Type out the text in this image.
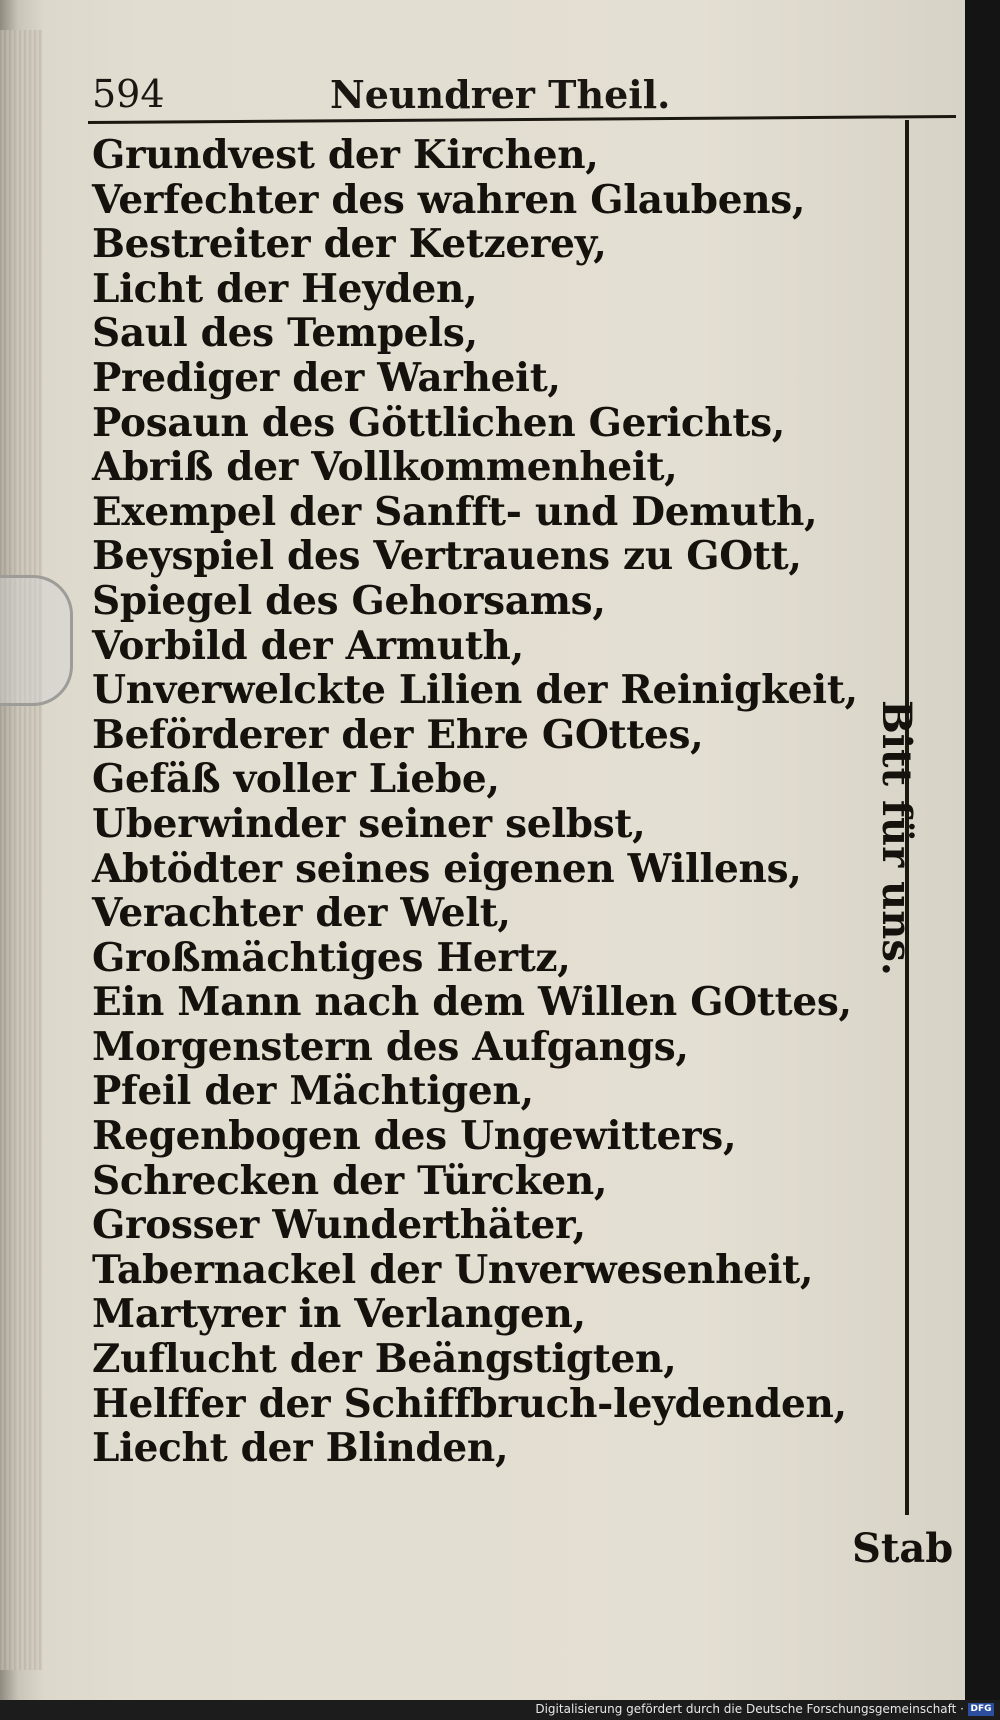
594	Neundrer Theil.
Grundvest der Kirchen,
Verfechter des wahren Glaubens,
Bestreiter der Ketzerey,
Licht der Heyden,
Saul des Tempels,
Prediger der Warheit,
Posaun des Göttlichen Gerichts,
Abriß der Vollkommenheit,
Exempel der Sanfft- und Demuth,
Beyspiel des Vertrauens zu GOtt,
Spiegel des Gehorsams,
Vorbild der Armuth,
Unverwelckte Lilien der Reinigkeit,
Beförderer der Ehre GOttes,
Gefäß voller Liebe,
Uberwinder seiner selbst,
Abtödter seines eigenen Willens,
Verachter der Welt,
Großmächtiges Hertz,
Ein Mann nach dem Willen GOttes,
Morgenstern des Aufgangs,
Pfeil der Mächtigen,
Regenbogen des Ungewitters,
Schrecken der Türcken,
Grosser Wunderthäter,
Tabernackel der Unverwesenheit,
Martyrer in Verlangen,
Zuflucht der Beängstigten,
Helffer der Schiffbruch-leydenden,
Liecht der Blinden,
Bitt für uns.
Stab
Digitalisierung gefördert durch die Deutsche Forschungsgemeinschaft · DFG
